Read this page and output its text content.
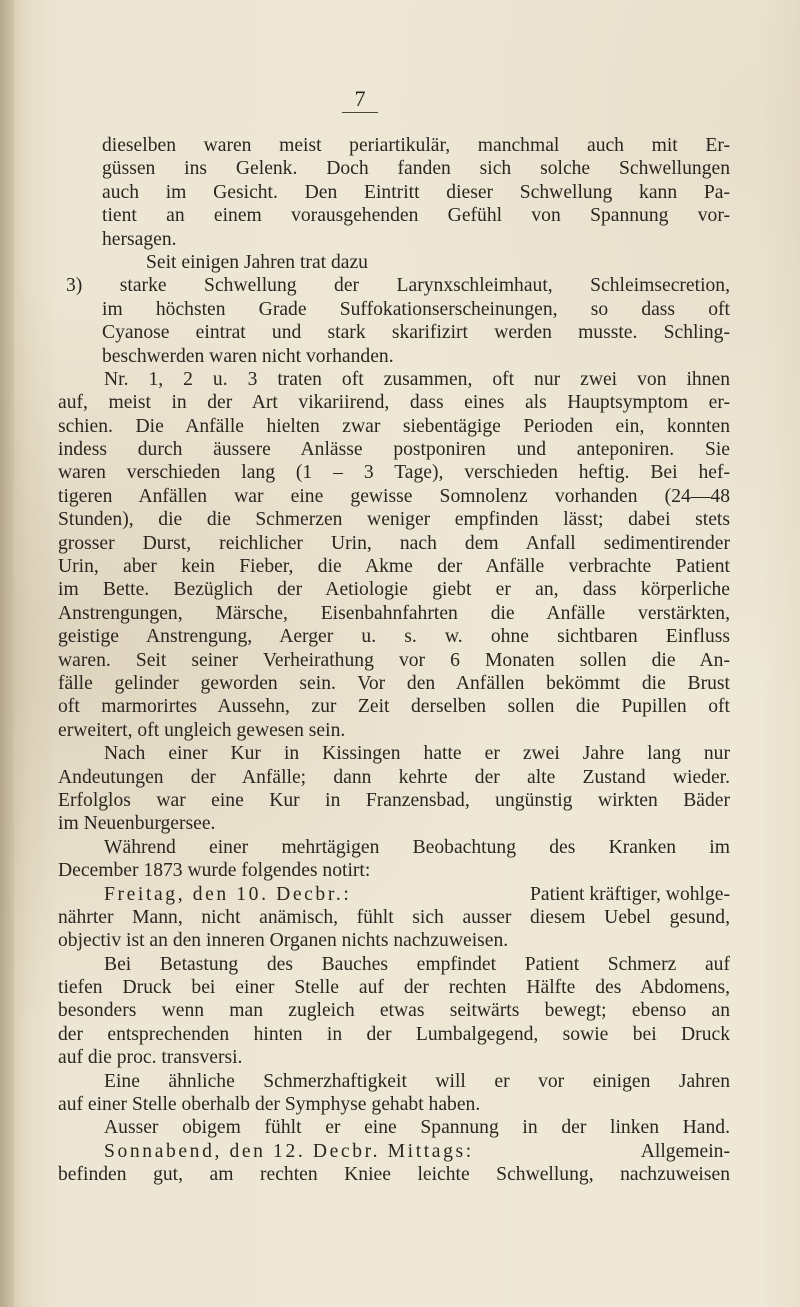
7
dieselben waren meist periartikulär, manchmal auch mit Er-
güssen ins Gelenk. Doch fanden sich solche Schwellungen
auch im Gesicht. Den Eintritt dieser Schwellung kann Pa-
tient an einem vorausgehenden Gefühl von Spannung vor-
hersagen.
Seit einigen Jahren trat dazu
3) starke Schwellung der Larynxschleimhaut, Schleimsecretion,
im höchsten Grade Suffokationserscheinungen, so dass oft
Cyanose eintrat und stark skarifizirt werden musste. Schling-
beschwerden waren nicht vorhanden.
Nr. 1, 2 u. 3 traten oft zusammen, oft nur zwei von ihnen
auf, meist in der Art vikariirend, dass eines als Hauptsymptom er-
schien. Die Anfälle hielten zwar siebentägige Perioden ein, konnten
indess durch äussere Anlässe postponiren und anteponiren. Sie
waren verschieden lang (1 – 3 Tage), verschieden heftig. Bei hef-
tigeren Anfällen war eine gewisse Somnolenz vorhanden (24—48
Stunden), die die Schmerzen weniger empfinden lässt; dabei stets
grosser Durst, reichlicher Urin, nach dem Anfall sedimentirender
Urin, aber kein Fieber, die Akme der Anfälle verbrachte Patient
im Bette. Bezüglich der Aetiologie giebt er an, dass körperliche
Anstrengungen, Märsche, Eisenbahnfahrten die Anfälle verstärkten,
geistige Anstrengung, Aerger u. s. w. ohne sichtbaren Einfluss
waren. Seit seiner Verheirathung vor 6 Monaten sollen die An-
fälle gelinder geworden sein. Vor den Anfällen bekömmt die Brust
oft marmorirtes Aussehn, zur Zeit derselben sollen die Pupillen oft
erweitert, oft ungleich gewesen sein.
Nach einer Kur in Kissingen hatte er zwei Jahre lang nur
Andeutungen der Anfälle; dann kehrte der alte Zustand wieder.
Erfolglos war eine Kur in Franzensbad, ungünstig wirkten Bäder
im Neuenburgersee.
Während einer mehrtägigen Beobachtung des Kranken im
December 1873 wurde folgendes notirt:
Freitag, den 10. Decbr.:	Patient kräftiger, wohlge-
nährter Mann, nicht anämisch, fühlt sich ausser diesem Uebel gesund,
objectiv ist an den inneren Organen nichts nachzuweisen.
Bei Betastung des Bauches empfindet Patient Schmerz auf
tiefen Druck bei einer Stelle auf der rechten Hälfte des Abdomens,
besonders wenn man zugleich etwas seitwärts bewegt; ebenso an
der entsprechenden hinten in der Lumbalgegend, sowie bei Druck
auf die proc. transversi.
Eine ähnliche Schmerzhaftigkeit will er vor einigen Jahren
auf einer Stelle oberhalb der Symphyse gehabt haben.
Ausser obigem fühlt er eine Spannung in der linken Hand.
Sonnabend, den 12. Decbr. Mittags:	Allgemein-
befinden gut, am rechten Kniee leichte Schwellung, nachzuweisen
